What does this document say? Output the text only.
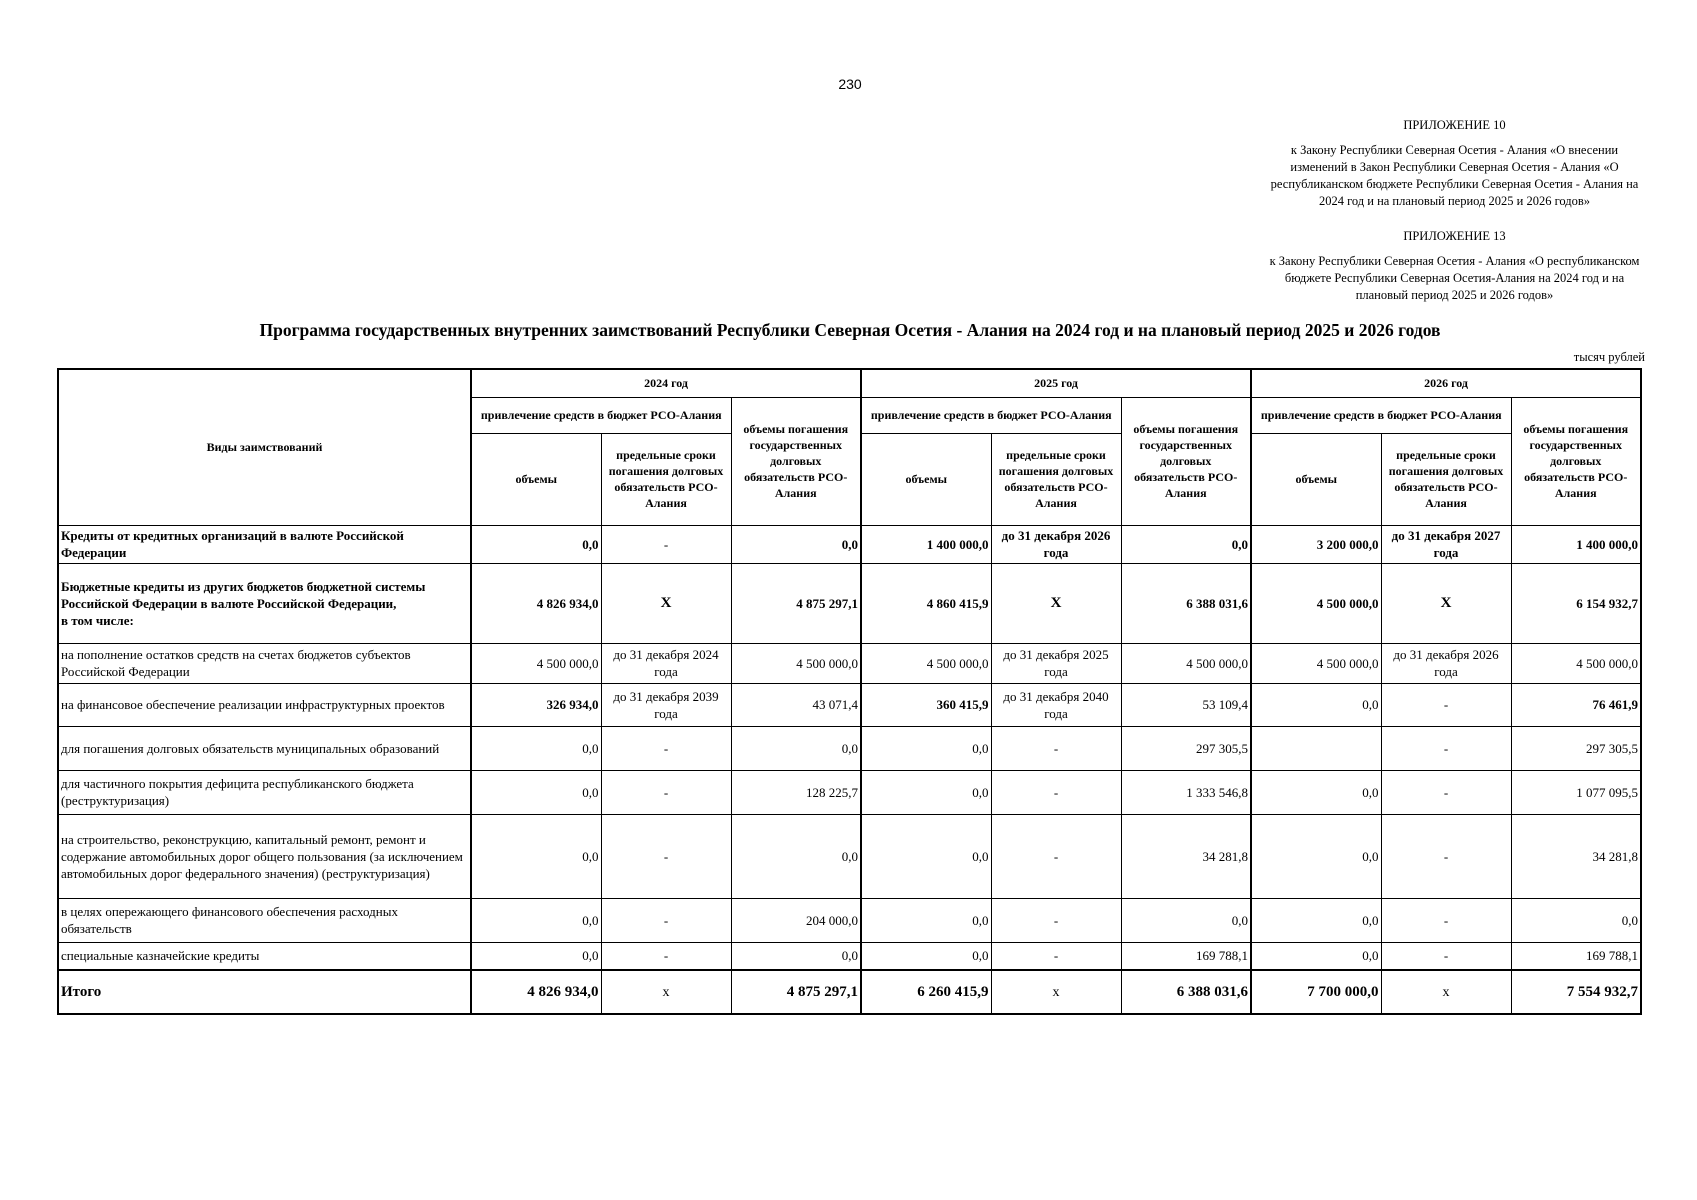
230
ПРИЛОЖЕНИЕ 10
к Закону Республики Северная Осетия - Алания «О внесении изменений в Закон Республики Северная Осетия - Алания «О республиканском бюджете Республики Северная Осетия - Алания на 2024 год и на плановый период 2025 и 2026 годов»
ПРИЛОЖЕНИЕ 13
к Закону Республики Северная Осетия - Алания «О республиканском бюджете Республики Северная Осетия-Алания на 2024 год и на плановый период 2025 и 2026 годов»
Программа государственных внутренних заимствований Республики Северная Осетия - Алания на 2024 год и на плановый период 2025 и 2026 годов
тысяч рублей
Виды заимствований	2024 год			2025 год			2026 год		
	привлечение средств в бюджет РСО-Алания		объемы погашения государственных долговых обязательств РСО-Алания	привлечение средств в бюджет РСО-Алания		объемы погашения государственных долговых обязательств РСО-Алания	привлечение средств в бюджет РСО-Алания		объемы погашения государственных долговых обязательств РСО-Алания
	объемы	предельные сроки погашения долговых обязательств РСО-Алания		объемы	предельные сроки погашения долговых обязательств РСО-Алания		объемы	предельные сроки погашения долговых обязательств РСО-Алания	
Кредиты от кредитных организаций в валюте Российской Федерации	0,0	-	0,0	1 400 000,0	до 31 декабря 2026 года	0,0	3 200 000,0	до 31 декабря 2027 года	1 400 000,0
Бюджетные кредиты из других бюджетов бюджетной системы Российской Федерации в валюте Российской Федерации,
в том числе:	4 826 934,0	X	4 875 297,1	4 860 415,9	X	6 388 031,6	4 500 000,0	X	6 154 932,7
на пополнение остатков средств на счетах бюджетов субъектов Российской Федерации	4 500 000,0	до 31 декабря 2024 года	4 500 000,0	4 500 000,0	до 31 декабря 2025 года	4 500 000,0	4 500 000,0	до 31 декабря 2026 года	4 500 000,0
на финансовое обеспечение реализации инфраструктурных проектов	326 934,0	до 31 декабря 2039 года	43 071,4	360 415,9	до 31 декабря 2040 года	53 109,4	0,0	-	76 461,9
для погашения долговых обязательств муниципальных образований	0,0	-	0,0	0,0	-	297 305,5		-	297 305,5
для частичного покрытия дефицита республиканского бюджета (реструктуризация)	0,0	-	128 225,7	0,0	-	1 333 546,8	0,0	-	1 077 095,5
на строительство, реконструкцию, капитальный ремонт, ремонт и содержание автомобильных дорог общего пользования (за исключением автомобильных дорог федерального значения) (реструктуризация)	0,0	-	0,0	0,0	-	34 281,8	0,0	-	34 281,8
в целях опережающего финансового обеспечения расходных обязательств	0,0	-	204 000,0	0,0	-	0,0	0,0	-	0,0
специальные казначейские кредиты	0,0	-	0,0	0,0	-	169 788,1	0,0	-	169 788,1
Итого	4 826 934,0	х	4 875 297,1	6 260 415,9	х	6 388 031,6	7 700 000,0	х	7 554 932,7
